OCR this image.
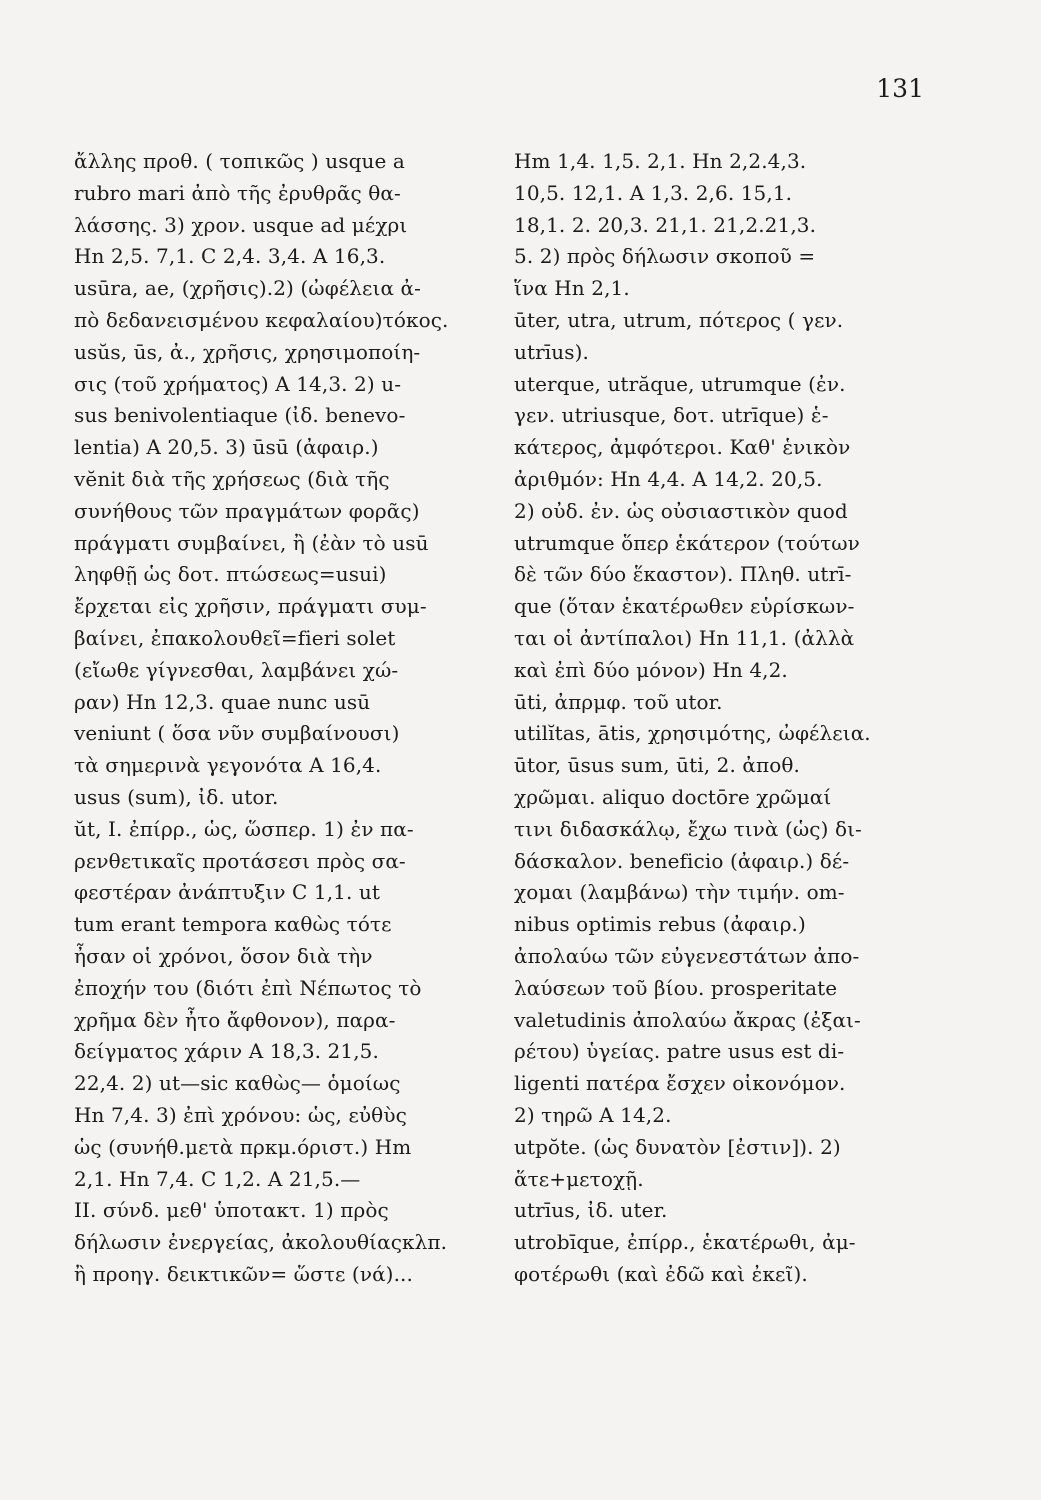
131
ἄλλης προθ. ( τοπικῶς ) usque a
rubro mari ἀπὸ τῆς ἐρυθρᾶς θα-
λάσσης. 3) χρον. usque ad μέχρι
Hn 2,5. 7,1. C 2,4. 3,4. A 16,3.
usūra, ae, (χρῆσις).2) (ὠφέλεια ἀ-
πὸ δεδανεισμένου κεφαλαίου)τόκος.
usŭs, ūs, ἀ., χρῆσις, χρησιμοποίη-
σις (τοῦ χρήματος) A 14,3. 2) u-
sus benivolentiaque (ἰδ. benevo-
lentia) A 20,5. 3) ūsū (ἀφαιρ.)
vĕnit διὰ τῆς χρήσεως (διὰ τῆς
συνήθους τῶν πραγμάτων φορᾶς)
πράγματι συμβαίνει, ἢ (ἐὰν τὸ usū
ληφθῇ ὡς δοτ. πτώσεως=usui)
ἔρχεται εἰς χρῆσιν, πράγματι συμ-
βαίνει, ἐπακολουθεῖ=fieri solet
(εἴωθε γίγνεσθαι, λαμβάνει χώ-
ραν) Hn 12,3. quae nunc usū
veniunt ( ὅσα νῦν συμβαίνουσι)
τὰ σημερινὰ γεγονότα A 16,4.
usus (sum), ἰδ. utor.
ŭt, I. ἐπίρρ., ὡς, ὥσπερ. 1) ἐν πα-
ρενθετικαῖς προτάσεσι πρὸς σα-
φεστέραν ἀνάπτυξιν C 1,1. ut
tum erant tempora καθὼς τότε
ἦσαν οἱ χρόνοι, ὅσον διὰ τὴν
ἐποχήν του (διότι ἐπὶ Νέπωτος τὸ
χρῆμα δὲν ἦτο ἄφθονον), παρα-
δείγματος χάριν A 18,3. 21,5.
22,4. 2) ut—sic καθὼς— ὁμοίως
Hn 7,4. 3) ἐπὶ χρόνου: ὡς, εὐθὺς
ὡς (συνήθ.μετὰ πρκμ.όριστ.) Hm
2,1. Hn 7,4. C 1,2. A 21,5.—
II. σύνδ. μεθ' ὑποτακτ. 1) πρὸς
δήλωσιν ἐνεργείας, ἀκολουθίαςκλπ.
ἢ προηγ. δεικτικῶν= ὥστε (νά)...
Hm 1,4. 1,5. 2,1. Hn 2,2.4,3.
10,5. 12,1. A 1,3. 2,6. 15,1.
18,1. 2. 20,3. 21,1. 21,2.21,3.
5. 2) πρὸς δήλωσιν σκοποῦ =
ἵνα Hn 2,1.
ūter, utra, utrum, πότερος ( γεν.
utrīus).
uterque, utrăque, utrumque (ἐν.
γεν. utriusque, δοτ. utrīque) ἑ-
κάτερος, ἀμφότεροι. Καθ' ἑνικὸν
ἀριθμόν: Hn 4,4. A 14,2. 20,5.
2) οὐδ. ἐν. ὡς οὐσιαστικὸν quod
utrumque ὅπερ ἑκάτερον (τούτων
δὲ τῶν δύο ἕκαστον). Πληθ. utrī-
que (ὅταν ἑκατέρωθεν εὑρίσκων-
ται οἱ ἀντίπαλοι) Hn 11,1. (ἀλλὰ
καὶ ἐπὶ δύο μόνον) Hn 4,2.
ūti, ἀπρμφ. τοῦ utor.
utilĭtas, ātis, χρησιμότης, ὠφέλεια.
ūtor, ūsus sum, ūti, 2. ἀποθ.
χρῶμαι. aliquo doctōre χρῶμαί
τινι διδασκάλῳ, ἔχω τινὰ (ὡς) δι-
δάσκαλον. beneficio (ἀφαιρ.) δέ-
χομαι (λαμβάνω) τὴν τιμήν. om-
nibus optimis rebus (ἀφαιρ.)
ἀπολαύω τῶν εὐγενεστάτων ἀπο-
λαύσεων τοῦ βίου. prosperitate
valetudinis ἀπολαύω ἄκρας (ἐξαι-
ρέτου) ὑγείας. patre usus est di-
ligenti πατέρα ἔσχεν οἰκονόμον.
2) τηρῶ A 14,2.
utpŏte. (ὡς δυνατὸν [ἐστιν]). 2)
ἅτε+μετοχῇ.
utrīus, ἰδ. uter.
utrobīque, ἐπίρρ., ἑκατέρωθι, ἀμ-
φοτέρωθι (καὶ ἐδῶ καὶ ἐκεῖ).
